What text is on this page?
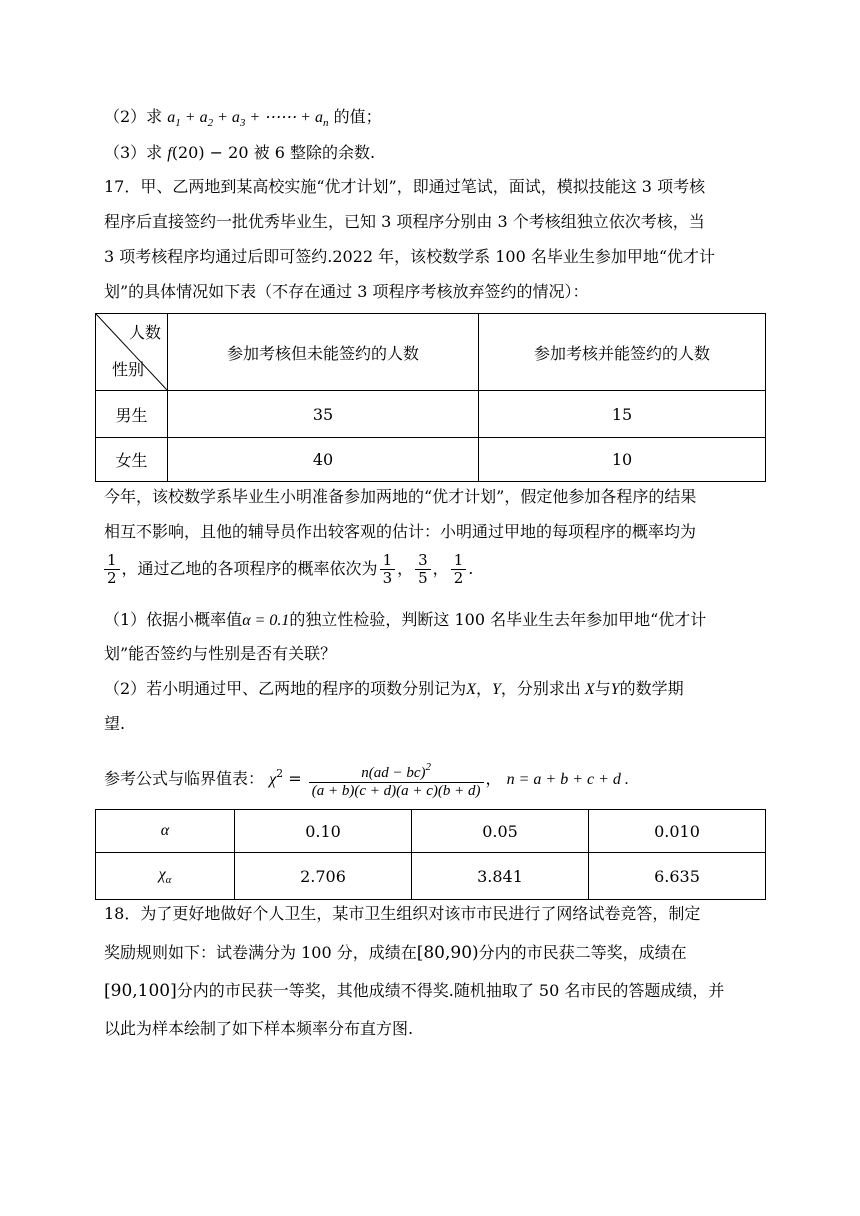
（2）求 $a_1 + a_2 + a_3$ + ⋯⋯ + $a_n$ 的值；
（3）求 f(20) − 20 被 6 整除的余数.
17．甲、乙两地到某高校实施“优才计划”，即通过笔试，面试，模拟技能这 3 项考核
程序后直接签约一批优秀毕业生，已知 3 项程序分别由 3 个考核组独立依次考核，当
3 项考核程序均通过后即可签约.2022 年，该校数学系 100 名毕业生参加甲地“优才计
划”的具体情况如下表（不存在通过 3 项程序考核放弃签约的情况）：
人数
性别	参加考核但未能签约的人数	参加考核并能签约的人数
男生	35	15
女生	40	10
今年，该校数学系毕业生小明准备参加两地的“优才计划”，假定他参加各程序的结果
相互不影响，且他的辅导员作出较客观的估计：小明通过甲地的每项程序的概率均为
$\frac{1}{2}$ ，通过乙地的各项程序的概率依次为 $\frac{1}{3}$ ， $\frac{3}{5}$ ， $\frac{1}{2}$ .
（1）依据小概率值α = 0.1的独立性检验，判断这 100 名毕业生去年参加甲地“优才计
划”能否签约与性别是否有关联？
（2）若小明通过甲、乙两地的程序的项数分别记为X，Y，分别求出 X与Y的数学期
望.
参考公式与临界值表： $\chi^2 = \frac{n(ad - bc)^2}{(a + b)(c + d)(a + c)(b + d)}$ ， n = a + b + c + d .
α	0.10	0.05	0.010
$\chi_\alpha$	2.706	3.841	6.635
18．为了更好地做好个人卫生，某市卫生组织对该市市民进行了网络试卷竞答，制定
奖励规则如下：试卷满分为 100 分，成绩在[80,90)分内的市民获二等奖，成绩在
[90,100]分内的市民获一等奖，其他成绩不得奖.随机抽取了 50 名市民的答题成绩，并
以此为样本绘制了如下样本频率分布直方图.
